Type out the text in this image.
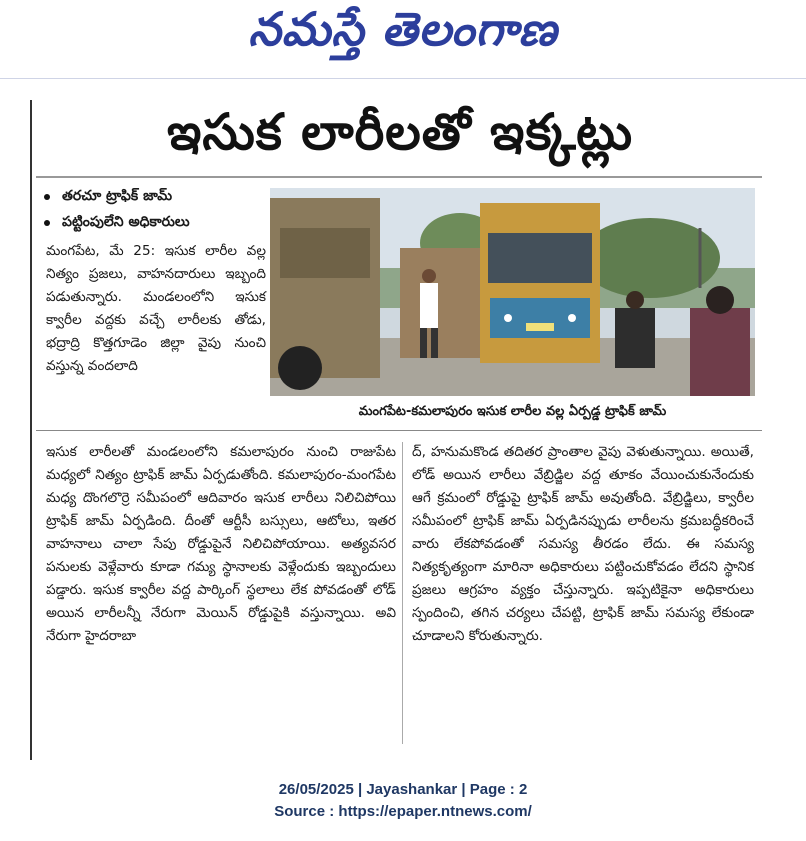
నమస్తే తెలంగాణ
ఇసుక లారీలతో ఇక్కట్లు
తరచూ ట్రాఫిక్ జామ్
పట్టింపులేని అధికారులు
మంగపేట, మే 25: ఇసుక లారీల వల్ల నిత్యం ప్రజలు, వాహనదారులు ఇబ్బంది పడుతున్నారు. మండలంలోని ఇసుక క్వారీల వద్దకు వచ్చే లారీలకు తోడు, భద్రాద్రి కొత్తగూడెం జిల్లా వైపు నుంచి వస్తున్న వందలాది
మంగపేట-కమలాపురం ఇసుక లారీల వల్ల ఏర్పడ్డ ట్రాఫిక్ జామ్
ఇసుక లారీలతో మండలంలోని కమలాపురం నుంచి రాజుపేట మధ్యలో నిత్యం ట్రాఫిక్ జామ్ ఏర్పడుతోంది. కమలాపురం-మంగపేట మధ్య దొంగలొర్రె సమీపంలో ఆదివారం ఇసుక లారీలు నిలిచిపోయి ట్రాఫిక్ జామ్ ఏర్పడింది. దీంతో ఆర్టీసీ బస్సులు, ఆటోలు, ఇతర వాహనాలు చాలా సేపు రోడ్డుపైనే నిలిచిపోయాయి. అత్యవసర పనులకు వెళ్లేవారు కూడా గమ్య స్థానాలకు వెళ్లేందుకు ఇబ్బందులు పడ్డారు. ఇసుక క్వారీల వద్ద పార్కింగ్ స్థలాలు లేక పోవడంతో లోడ్ అయిన లారీలన్నీ నేరుగా మెయిన్ రోడ్డుపైకి వస్తున్నాయి. అవి నేరుగా హైదరాబా
ద్, హనుమకొండ తదితర ప్రాంతాల వైపు వెళుతున్నాయి. అయితే, లోడ్ అయిన లారీలు వేబ్రిడ్జిల వద్ద తూకం వేయించుకునేందుకు ఆగే క్రమంలో రోడ్డుపై ట్రాఫిక్ జామ్ అవుతోంది. వేబ్రిడ్జిలు, క్వారీల సమీపంలో ట్రాఫిక్ జామ్ ఏర్పడినప్పుడు లారీలను క్రమబద్ధీకరించే వారు లేకపోవడంతో సమస్య తీరడం లేదు. ఈ సమస్య నిత్యకృత్యంగా మారినా అధికారులు పట్టించుకోవడం లేదని స్థానిక ప్రజలు ఆగ్రహం వ్యక్తం చేస్తున్నారు. ఇప్పటికైనా అధికారులు స్పందించి, తగిన చర్యలు చేపట్టి, ట్రాఫిక్ జామ్ సమస్య లేకుండా చూడాలని కోరుతున్నారు.
26/05/2025 | Jayashankar | Page : 2
Source : https://epaper.ntnews.com/
